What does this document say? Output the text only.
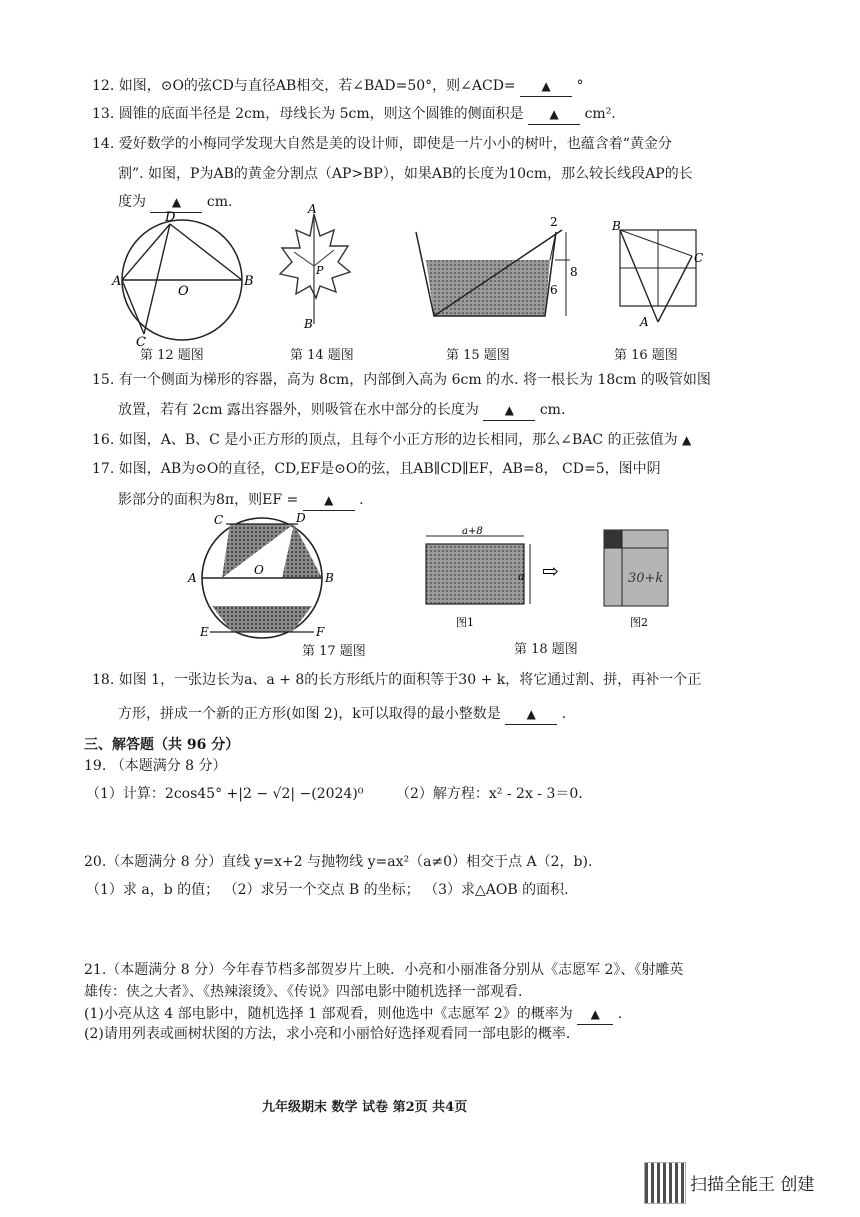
12. 如图，⊙O的弦CD与直径AB相交，若∠BAD=50°，则∠ACD= ▲ °
13. 圆锥的底面半径是 2cm，母线长为 5cm，则这个圆锥的侧面积是 ▲ cm².
14. 爱好数学的小梅同学发现大自然是美的设计师，即使是一片小小的树叶，也蕴含着“黄金分
割”. 如图，P为AB的黄金分割点（AP>BP），如果AB的长度为10cm，那么较长线段AP的长
度为 ▲ cm.
A	B
C
D
O
第 12 题图
A
P
B
第 14 题图
2
8
6
第 15 题图
B
C
A
第 16 题图
15. 有一个侧面为梯形的容器，高为 8cm，内部倒入高为 6cm 的水. 将一根长为 18cm 的吸管如图
放置，若有 2cm 露出容器外，则吸管在水中部分的长度为 ▲ cm.
16. 如图，A、B、C 是小正方形的顶点，且每个小正方形的边长相同，那么∠BAC 的正弦值为 ▲
17. 如图，AB为⊙O的直径，CD,EF是⊙O的弦，且AB∥CD∥EF，AB=8， CD=5，图中阴
影部分的面积为8π，则EF = ▲ .
C	D
A	B
O
E	F
第 17 题图
a+8
a ⇨	30+k
图1	图2
第 18 题图
18. 如图 1，一张边长为a、a + 8的长方形纸片的面积等于30 + k，将它通过割、拼，再补一个正
方形，拼成一个新的正方形(如图 2)，k可以取得的最小整数是 ▲ .
三、解答题（共 96 分）
19. （本题满分 8 分）
（1）计算：2cos45° +|2 − √2| −(2024)⁰ （2）解方程：x² - 2x - 3＝0.
20.（本题满分 8 分）直线 y=x+2 与抛物线 y=ax²（a≠0）相交于点 A（2，b).
（1）求 a，b 的值； （2）求另一个交点 B 的坐标； （3）求△AOB 的面积.
21.（本题满分 8 分）今年春节档多部贺岁片上映．小亮和小丽准备分别从《志愿军 2》、《射雕英
雄传：侠之大者》、《热辣滚烫》、《传说》四部电影中随机选择一部观看.
(1)小亮从这 4 部电影中，随机选择 1 部观看，则他选中《志愿军 2》的概率为 ▲ .
(2)请用列表或画树状图的方法，求小亮和小丽恰好选择观看同一部电影的概率.
九年级期末 数学 试卷 第2页 共4页
扫描全能王 创建
